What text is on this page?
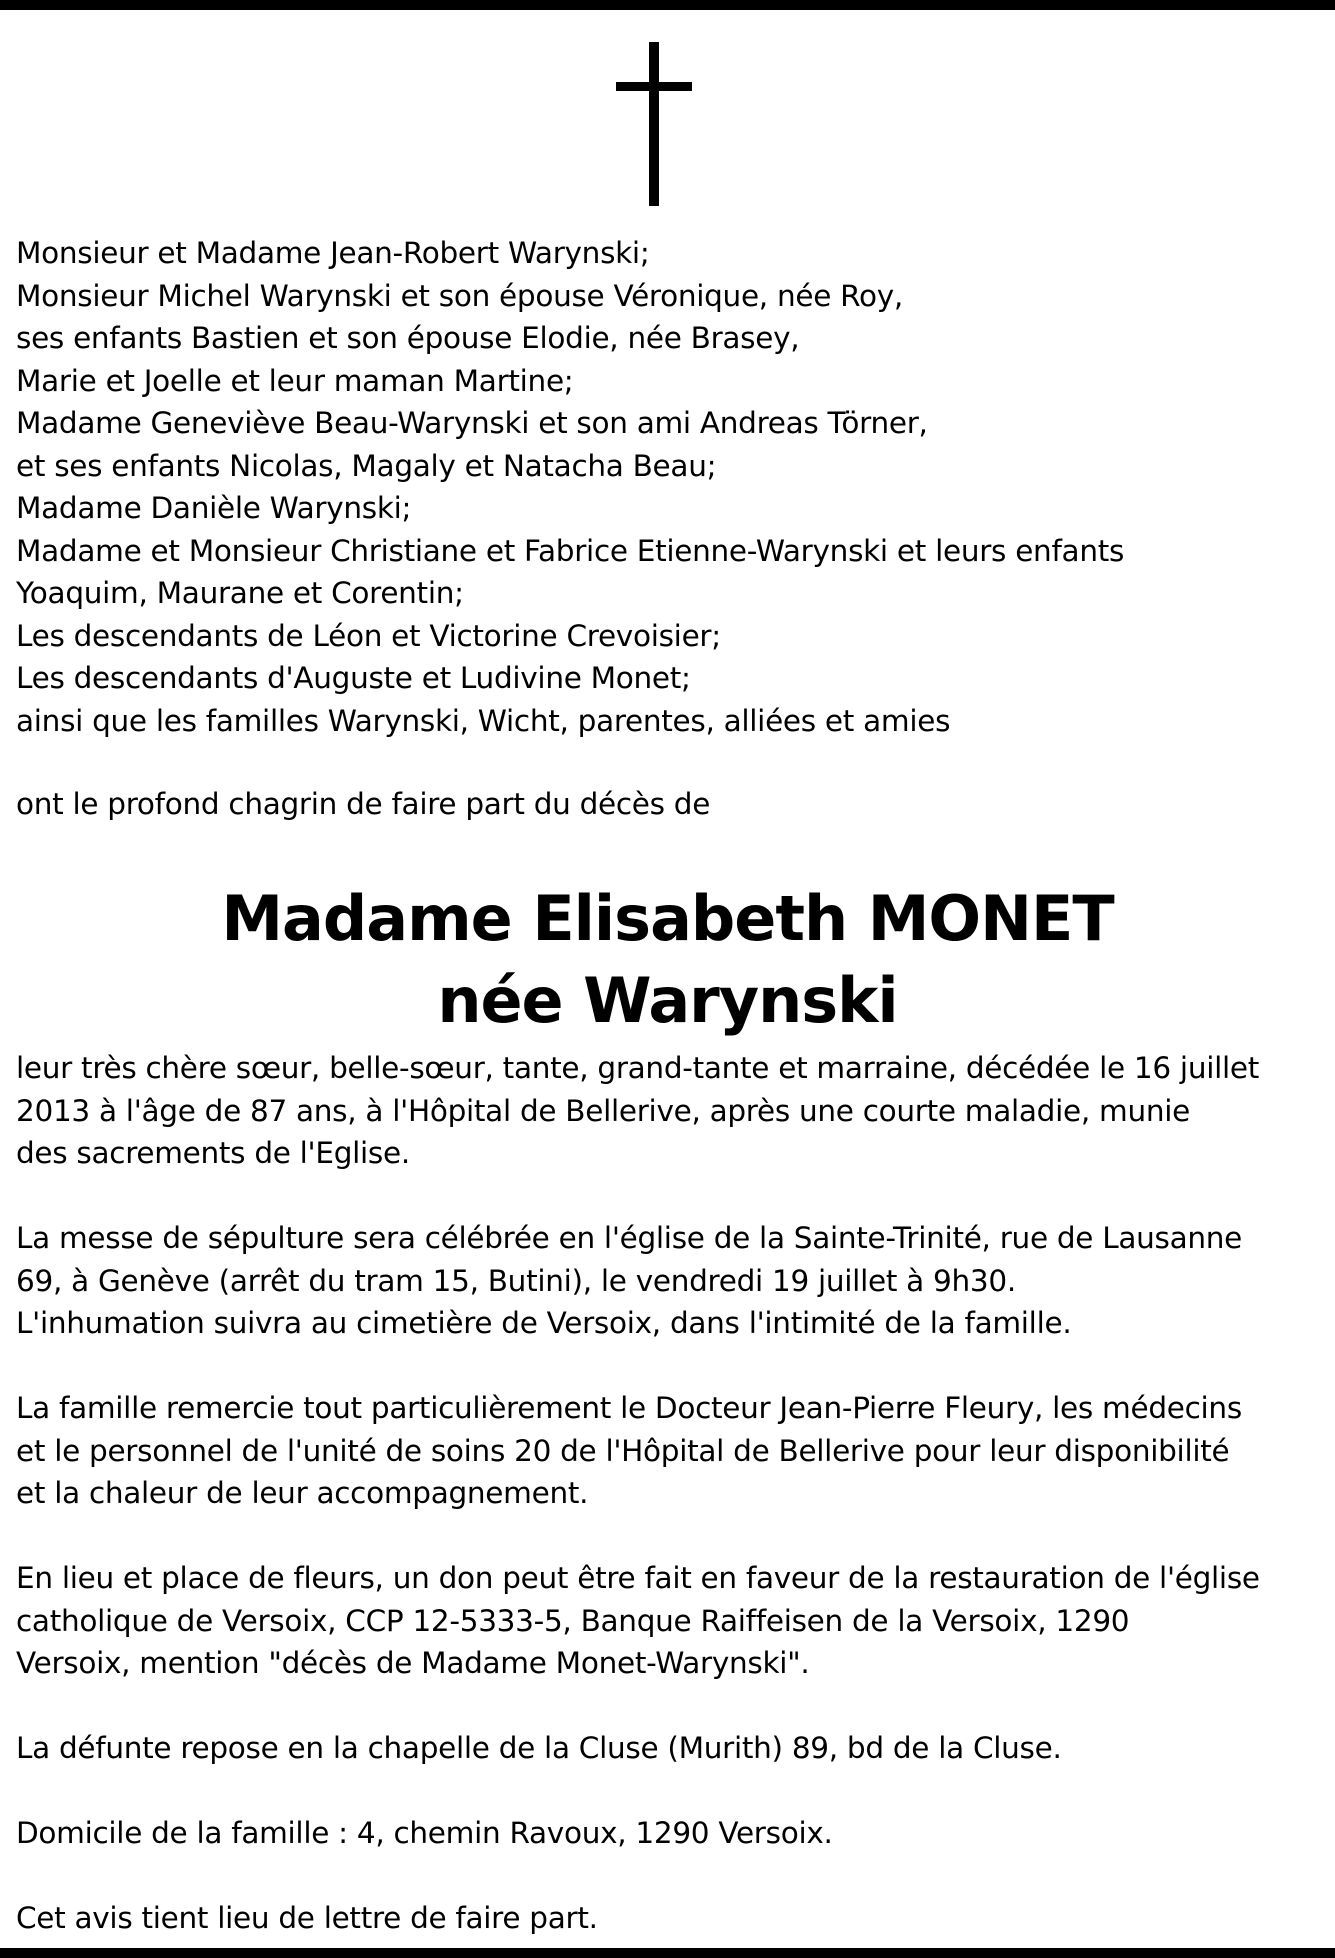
Monsieur et Madame Jean-Robert Warynski;
Monsieur Michel Warynski et son épouse Véronique, née Roy,
ses enfants Bastien et son épouse Elodie, née Brasey,
Marie et Joelle et leur maman Martine;
Madame Geneviève Beau-Warynski et son ami Andreas Törner,
et ses enfants Nicolas, Magaly et Natacha Beau;
Madame Danièle Warynski;
Madame et Monsieur Christiane et Fabrice Etienne-Warynski et leurs enfants
Yoaquim, Maurane et Corentin;
Les descendants de Léon et Victorine Crevoisier;
Les descendants d'Auguste et Ludivine Monet;
ainsi que les familles Warynski, Wicht, parentes, alliées et amies
ont le profond chagrin de faire part du décès de
Madame Elisabeth MONET
née Warynski
leur très chère sœur, belle-sœur, tante, grand-tante et marraine, décédée le 16 juillet
2013 à l'âge de 87 ans, à l'Hôpital de Bellerive, après une courte maladie, munie
des sacrements de l'Eglise.
La messe de sépulture sera célébrée en l'église de la Sainte-Trinité, rue de Lausanne
69, à Genève (arrêt du tram 15, Butini), le vendredi 19 juillet à 9h30.
L'inhumation suivra au cimetière de Versoix, dans l'intimité de la famille.
La famille remercie tout particulièrement le Docteur Jean-Pierre Fleury, les médecins
et le personnel de l'unité de soins 20 de l'Hôpital de Bellerive pour leur disponibilité
et la chaleur de leur accompagnement.
En lieu et place de fleurs, un don peut être fait en faveur de la restauration de l'église
catholique de Versoix, CCP 12-5333-5, Banque Raiffeisen de la Versoix, 1290
Versoix, mention "décès de Madame Monet-Warynski".
La défunte repose en la chapelle de la Cluse (Murith) 89, bd de la Cluse.
Domicile de la famille : 4, chemin Ravoux, 1290 Versoix.
Cet avis tient lieu de lettre de faire part.
